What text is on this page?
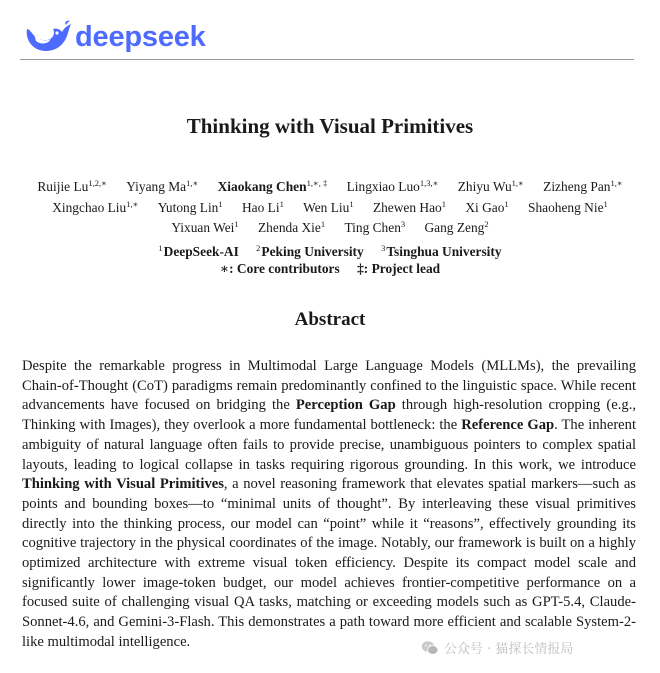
deepseek
Thinking with Visual Primitives
Ruijie $Lu^{1,2,∗}$ Yiyang $Ma^{1,∗}$ Xiaokang Chen$^{1,∗, \ddagger}$ Lingxiao Luo$^{1,3,∗}$ Zhiyu $Wu^{1,∗}$ Zizheng Pan$^{1,∗}$ Xingchao Liu$^{1,∗}$ Yutong Lin$^1$ Hao Li$^1$ Wen Liu$^1$ Zhewen Hao$^1$ Xi Gao$^1$ Shaoheng Nie$^1$ Yixuan Wei$^1$ Zhenda Xie$^1$ Ting Chen$^3$ Gang Zeng$^2$
$^1$DeepSeek-AI $^2$Peking University $^3$Tsinghua University
∗: Core contributors ‡: Project lead
Abstract

Despite the remarkable progress in Multimodal Large Language Models (MLLMs), the prevailing Chain-of-Thought (CoT) paradigms remain predominantly confined to the linguistic space. While recent advancements have focused on bridging the Perception Gap through high-resolution cropping (e.g., Thinking with Images), they overlook a more fundamental bottleneck: the Reference Gap. The inherent ambiguity of natural language often fails to provide precise, unambiguous pointers to complex spatial layouts, leading to logical collapse in tasks requiring rigorous grounding. In this work, we introduce Thinking with Visual Primitives, a novel reasoning framework that elevates spatial markers—such as points and bounding boxes—to “minimal units of thought”. By interleaving these visual primitives directly into the thinking process, our model can “point” while it “reasons”, effectively grounding its cognitive trajectory in the physical coordinates of the image. Notably, our framework is built on a highly optimized architecture with extreme visual token efficiency. Despite its compact model scale and significantly lower image-token budget, our model achieves frontier-competitive performance on a focused suite of challenging visual QA tasks, matching or exceeding models such as GPT-5.4, Claude-Sonnet-4.6, and Gemini-3-Flash. This demonstrates a path toward more efficient and scalable System-2-like multimodal intelligence.	公众号 · 猫探长情报局
